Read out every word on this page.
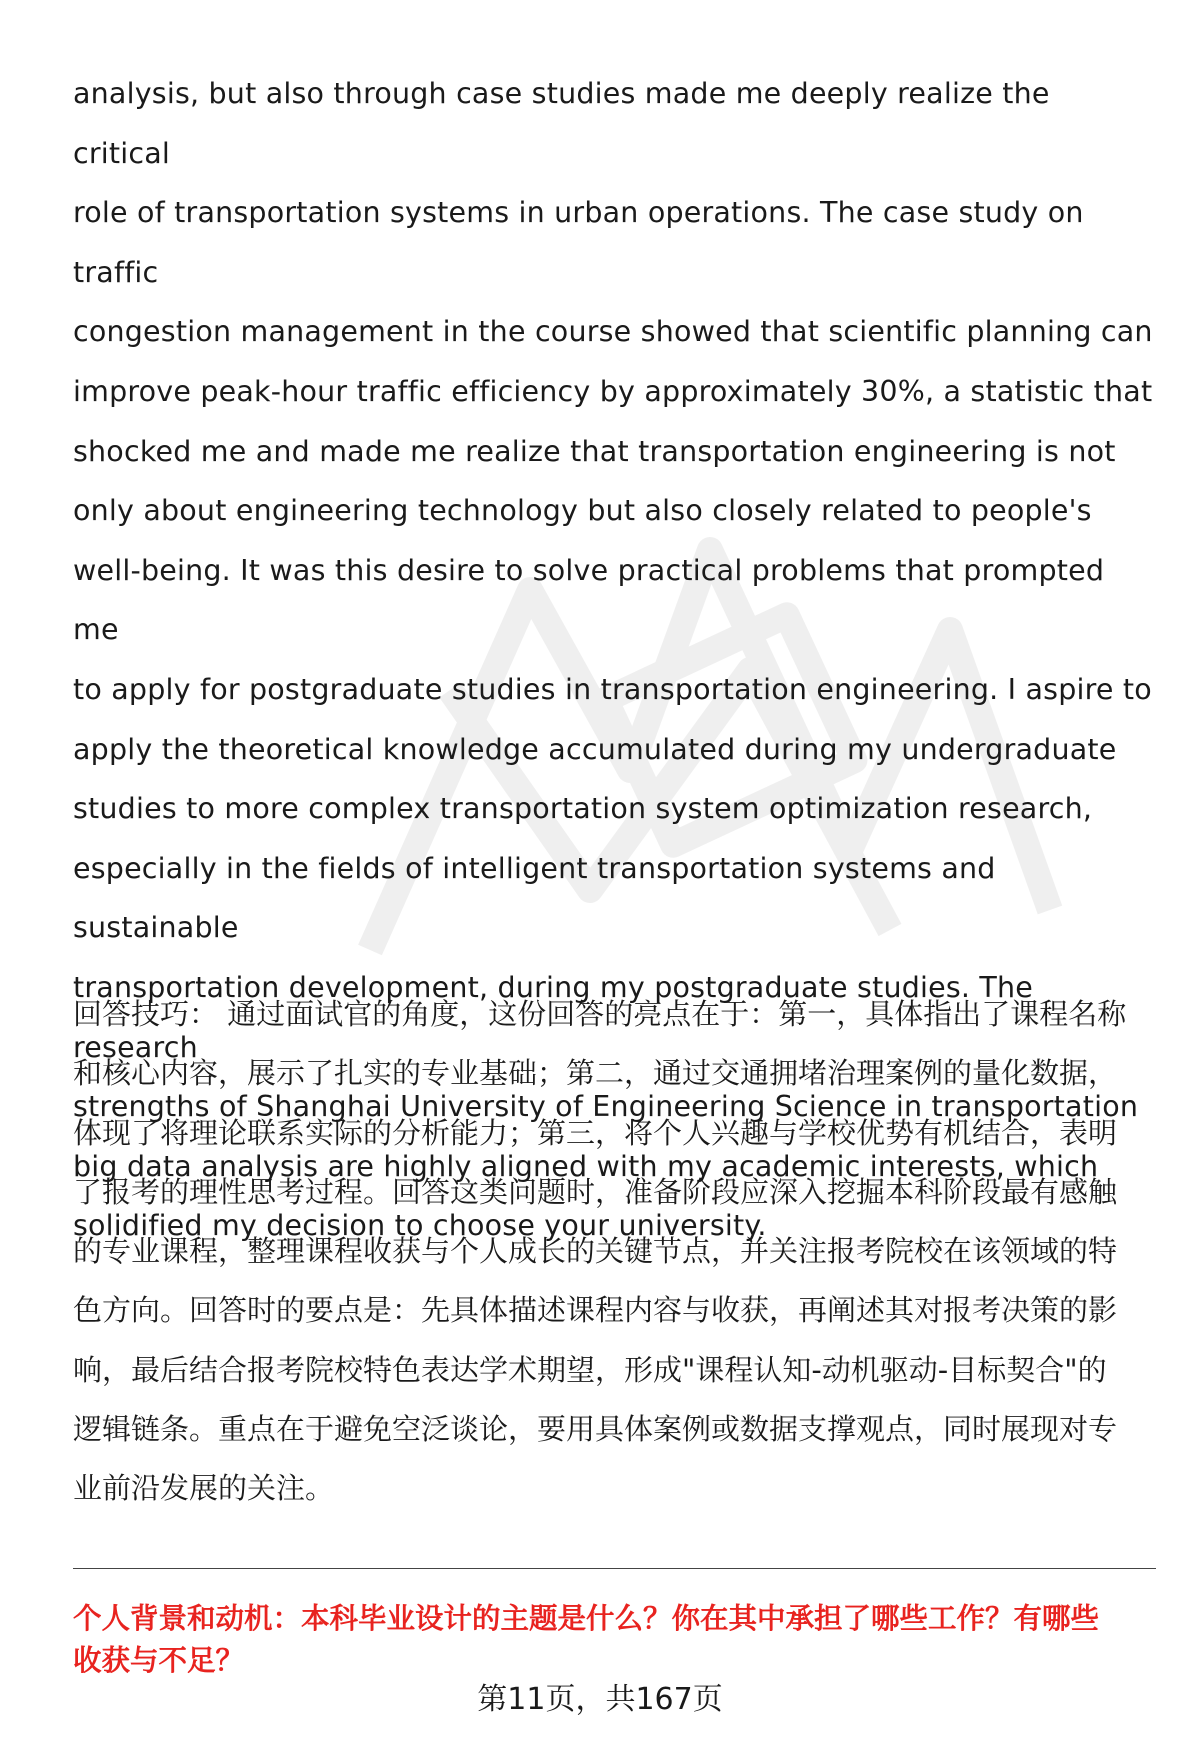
analysis, but also through case studies made me deeply realize the critical
role of transportation systems in urban operations. The case study on traffic
congestion management in the course showed that scientific planning can
improve peak-hour traffic efficiency by approximately 30%, a statistic that
shocked me and made me realize that transportation engineering is not
only about engineering technology but also closely related to people's
well-being. It was this desire to solve practical problems that prompted me
to apply for postgraduate studies in transportation engineering. I aspire to
apply the theoretical knowledge accumulated during my undergraduate
studies to more complex transportation system optimization research,
especially in the fields of intelligent transportation systems and sustainable
transportation development, during my postgraduate studies. The research
strengths of Shanghai University of Engineering Science in transportation
big data analysis are highly aligned with my academic interests, which
solidified my decision to choose your university.

回答技巧： 通过面试官的角度，这份回答的亮点在于：第一，具体指出了课程名称
和核心内容，展示了扎实的专业基础；第二，通过交通拥堵治理案例的量化数据，
体现了将理论联系实际的分析能力；第三，将个人兴趣与学校优势有机结合，表明
了报考的理性思考过程。回答这类问题时，准备阶段应深入挖掘本科阶段最有感触
的专业课程，整理课程收获与个人成长的关键节点，并关注报考院校在该领域的特
色方向。回答时的要点是：先具体描述课程内容与收获，再阐述其对报考决策的影
响，最后结合报考院校特色表达学术期望，形成"课程认知-动机驱动-目标契合"的
逻辑链条。重点在于避免空泛谈论，要用具体案例或数据支撑观点，同时展现对专
业前沿发展的关注。

个人背景和动机：本科毕业设计的主题是什么？你在其中承担了哪些工作？有哪些
收获与不足？

第11页，共167页
